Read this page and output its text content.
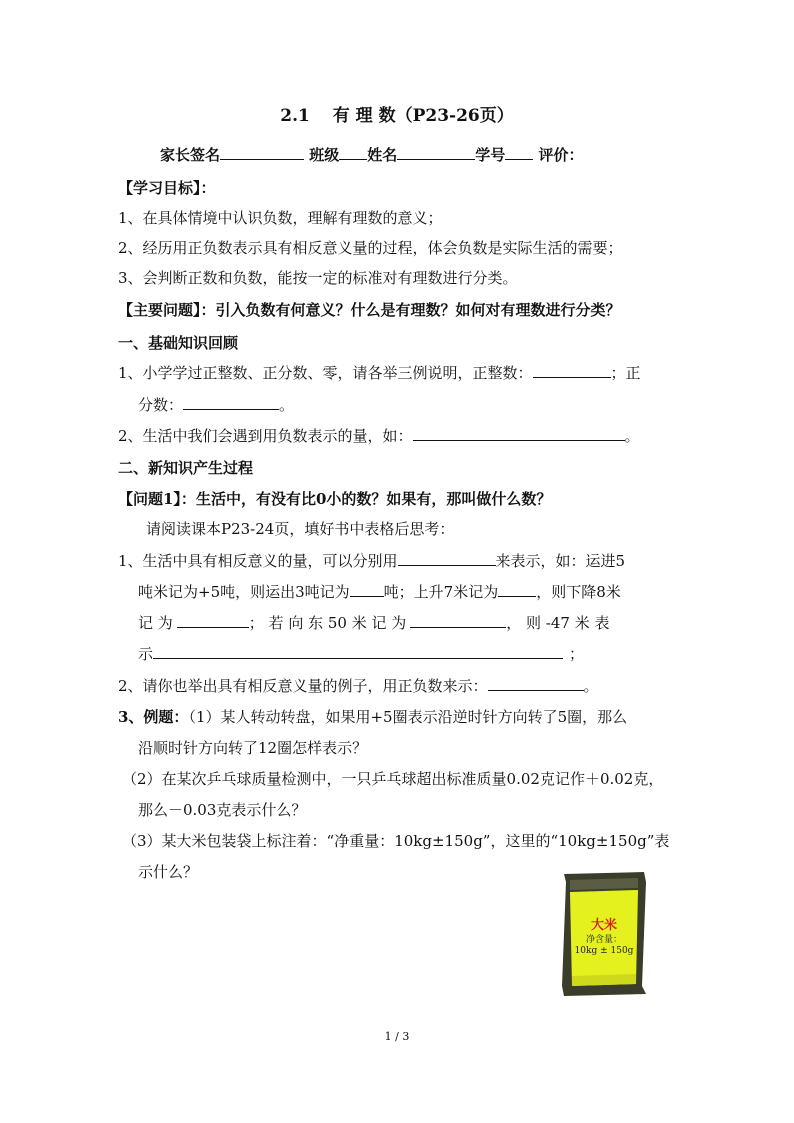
2.1　 有 理 数（P23-26页）
家长签名	班级 姓名	学号 评价：
【学习目标】：
1、在具体情境中认识负数，理解有理数的意义；
2、经历用正负数表示具有相反意义量的过程，体会负数是实际生活的需要；
3、会判断正数和负数，能按一定的标准对有理数进行分类。
【主要问题】：引入负数有何意义？什么是有理数？如何对有理数进行分类？
一、基础知识回顾
1、小学学过正整数、正分数、零，请各举三例说明，正整数：	；正
分数：	。
2、生活中我们会遇到用负数表示的量，如：	。
二、新知识产生过程
【问题1】：生活中，有没有比0小的数？如果有，那叫做什么数？
请阅读课本P23-24页，填好书中表格后思考：
1、生活中具有相反意义的量，可以分别用	来表示，如：运进5
吨米记为+5吨，则运出3吨记为 吨；上升7米记为	，则下降8米
记 为	； 若 向 东 50 米 记 为	， 则 -47 米 表
示	；
2、请你也举出具有相反意义量的例子，用正负数来示：	。
3、例题：（1）某人转动转盘，如果用+5圈表示沿逆时针方向转了5圈，那么
沿顺时针方向转了12圈怎样表示？
（2）在某次乒乓球质量检测中，一只乒乓球超出标准质量0.02克记作＋0.02克，
那么－0.03克表示什么？
（3）某大米包装袋上标注着：“净重量：10kg±150g”，这里的“10kg±150g”表
示什么？
大米
净含量：
10kg ± 150g
1 / 3
